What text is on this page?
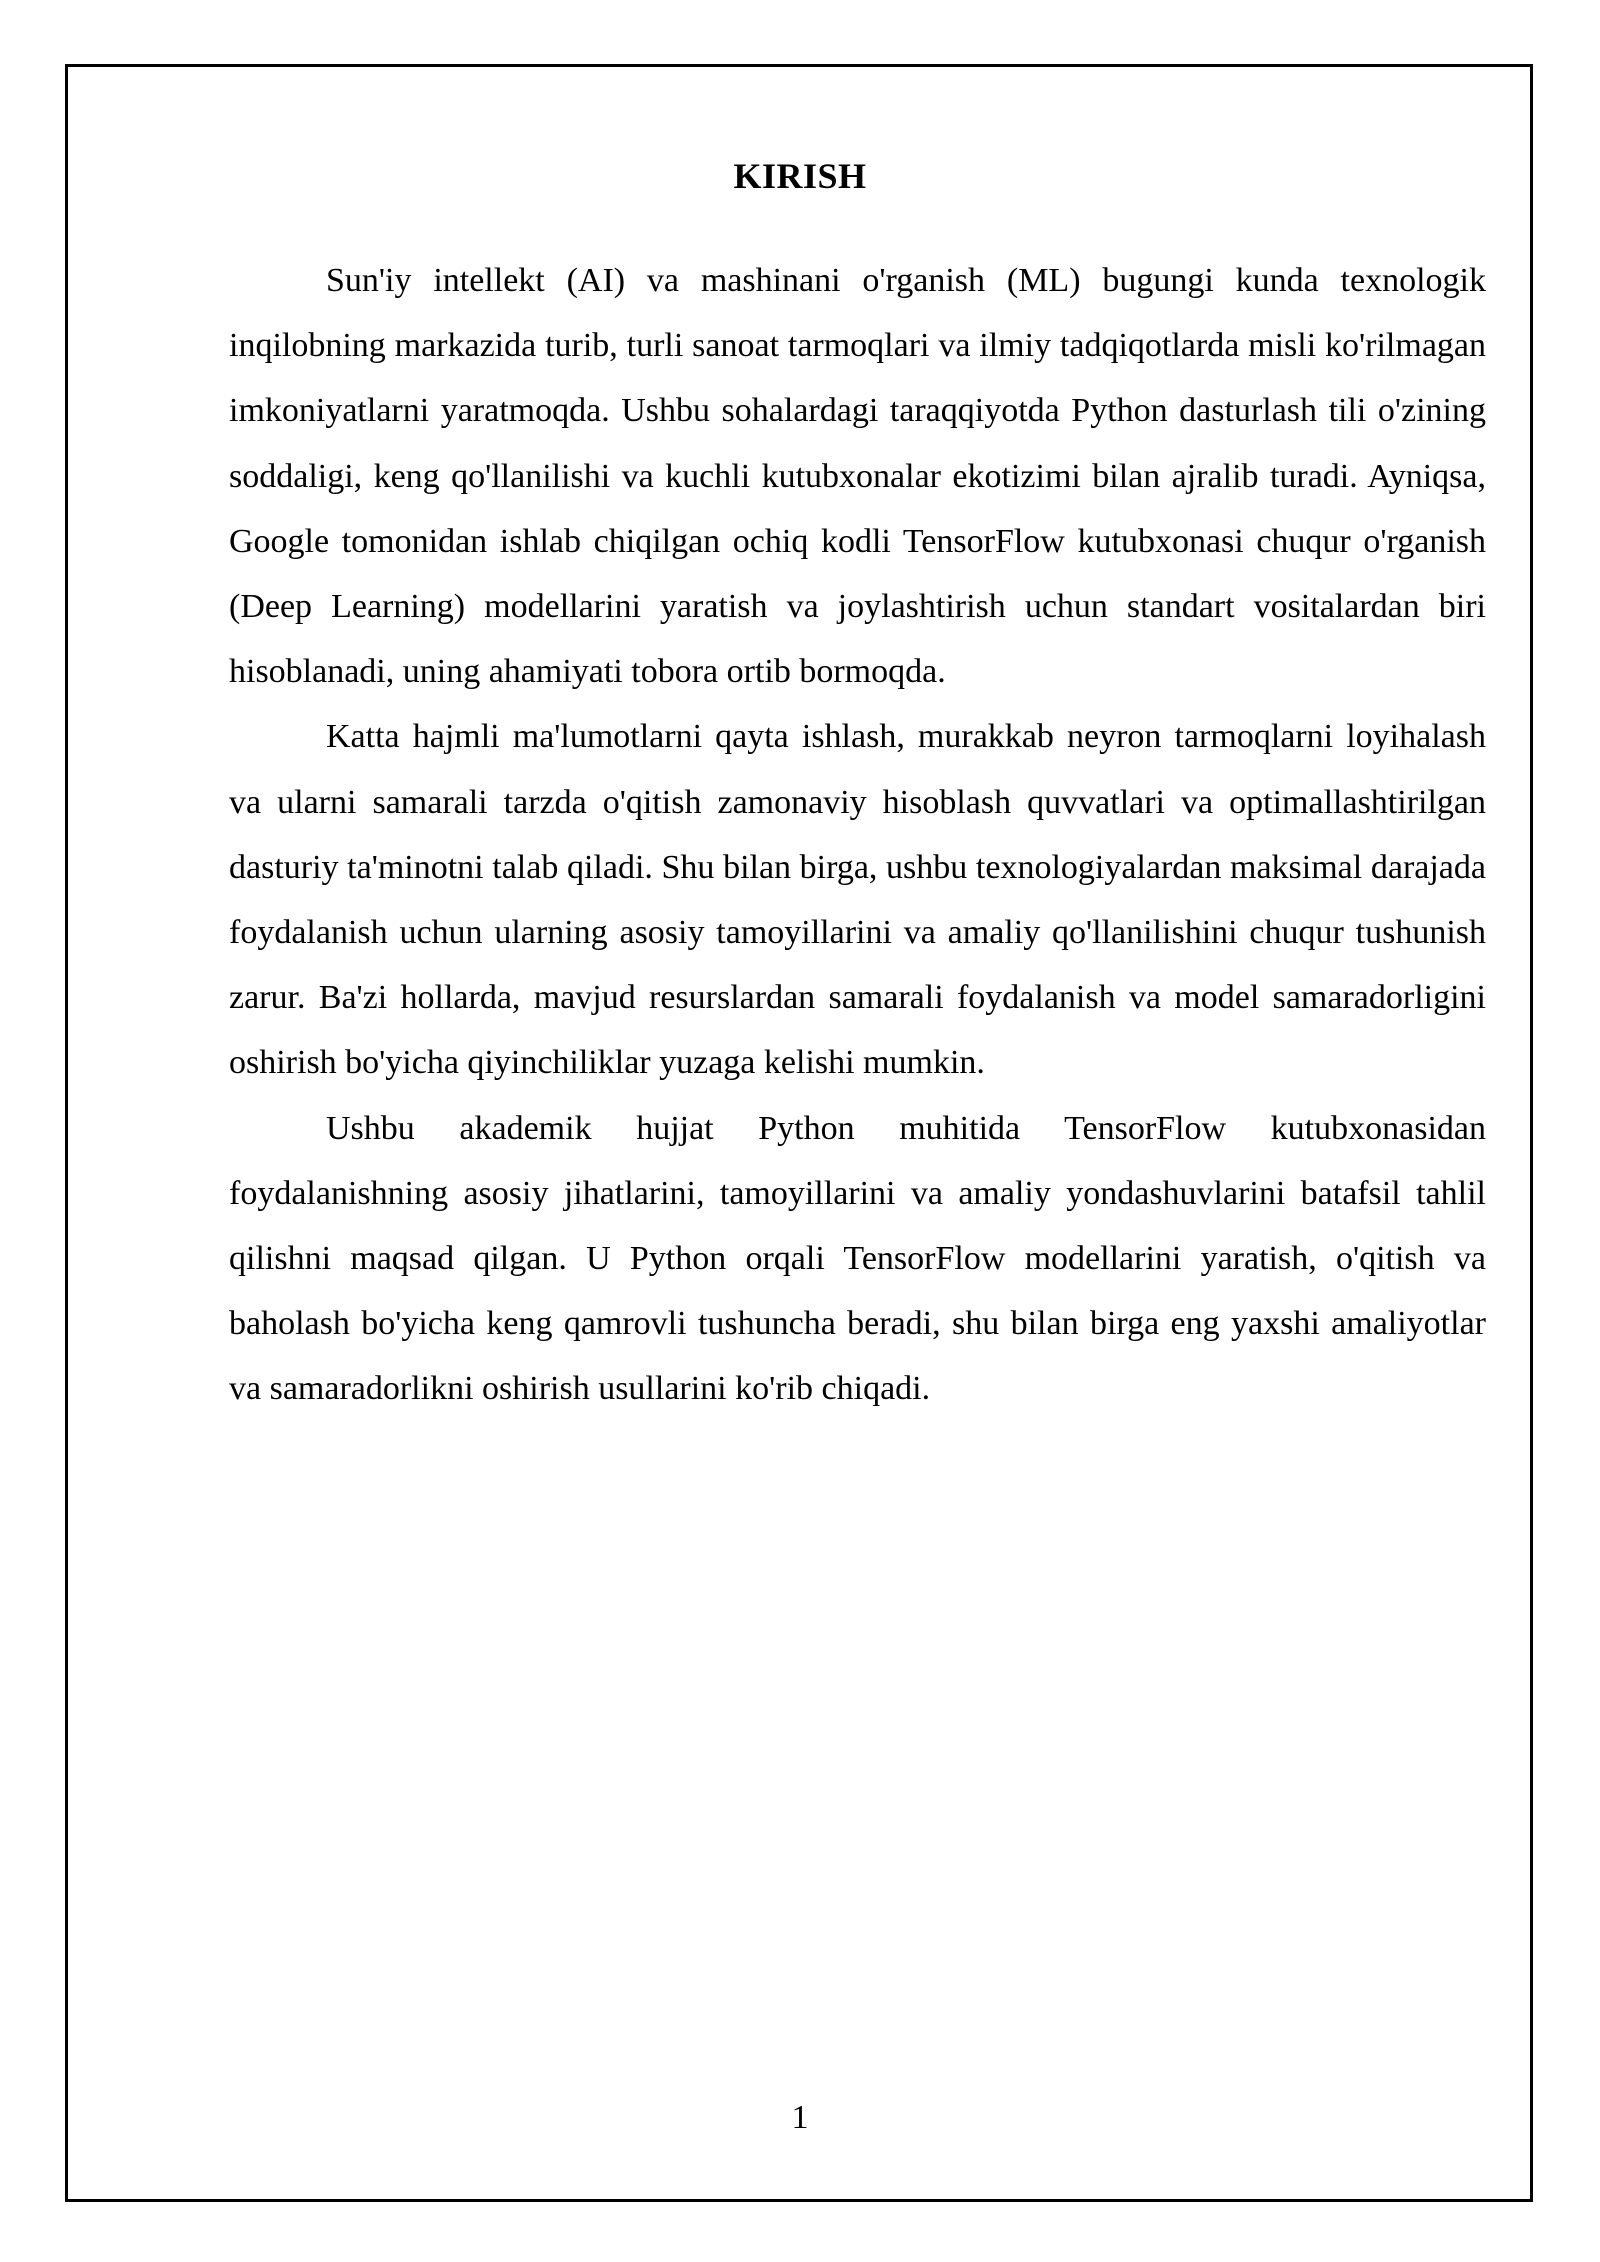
KIRISH

Sun'iy intellekt (AI) va mashinani o'rganish (ML) bugungi kunda texnologik inqilobning markazida turib, turli sanoat tarmoqlari va ilmiy tadqiqotlarda misli ko'rilmagan imkoniyatlarni yaratmoqda. Ushbu sohalardagi taraqqiyotda Python dasturlash tili o'zining soddaligi, keng qo'llanilishi va kuchli kutubxonalar ekotizimi bilan ajralib turadi. Ayniqsa, Google tomonidan ishlab chiqilgan ochiq kodli TensorFlow kutubxonasi chuqur o'rganish (Deep Learning) modellarini yaratish va joylashtirish uchun standart vositalardan biri hisoblanadi, uning ahamiyati tobora ortib bormoqda.

Katta hajmli ma'lumotlarni qayta ishlash, murakkab neyron tarmoqlarni loyihalash va ularni samarali tarzda o'qitish zamonaviy hisoblash quvvatlari va optimallashtirilgan dasturiy ta'minotni talab qiladi. Shu bilan birga, ushbu texnologiyalardan maksimal darajada foydalanish uchun ularning asosiy tamoyillarini va amaliy qo'llanilishini chuqur tushunish zarur. Ba'zi hollarda, mavjud resurslardan samarali foydalanish va model samaradorligini oshirish bo'yicha qiyinchiliklar yuzaga kelishi mumkin.

Ushbu akademik hujjat Python muhitida TensorFlow kutubxonasidan foydalanishning asosiy jihatlarini, tamoyillarini va amaliy yondashuvlarini batafsil tahlil qilishni maqsad qilgan. U Python orqali TensorFlow modellarini yaratish, o'qitish va baholash bo'yicha keng qamrovli tushuncha beradi, shu bilan birga eng yaxshi amaliyotlar va samaradorlikni oshirish usullarini ko'rib chiqadi.

1
